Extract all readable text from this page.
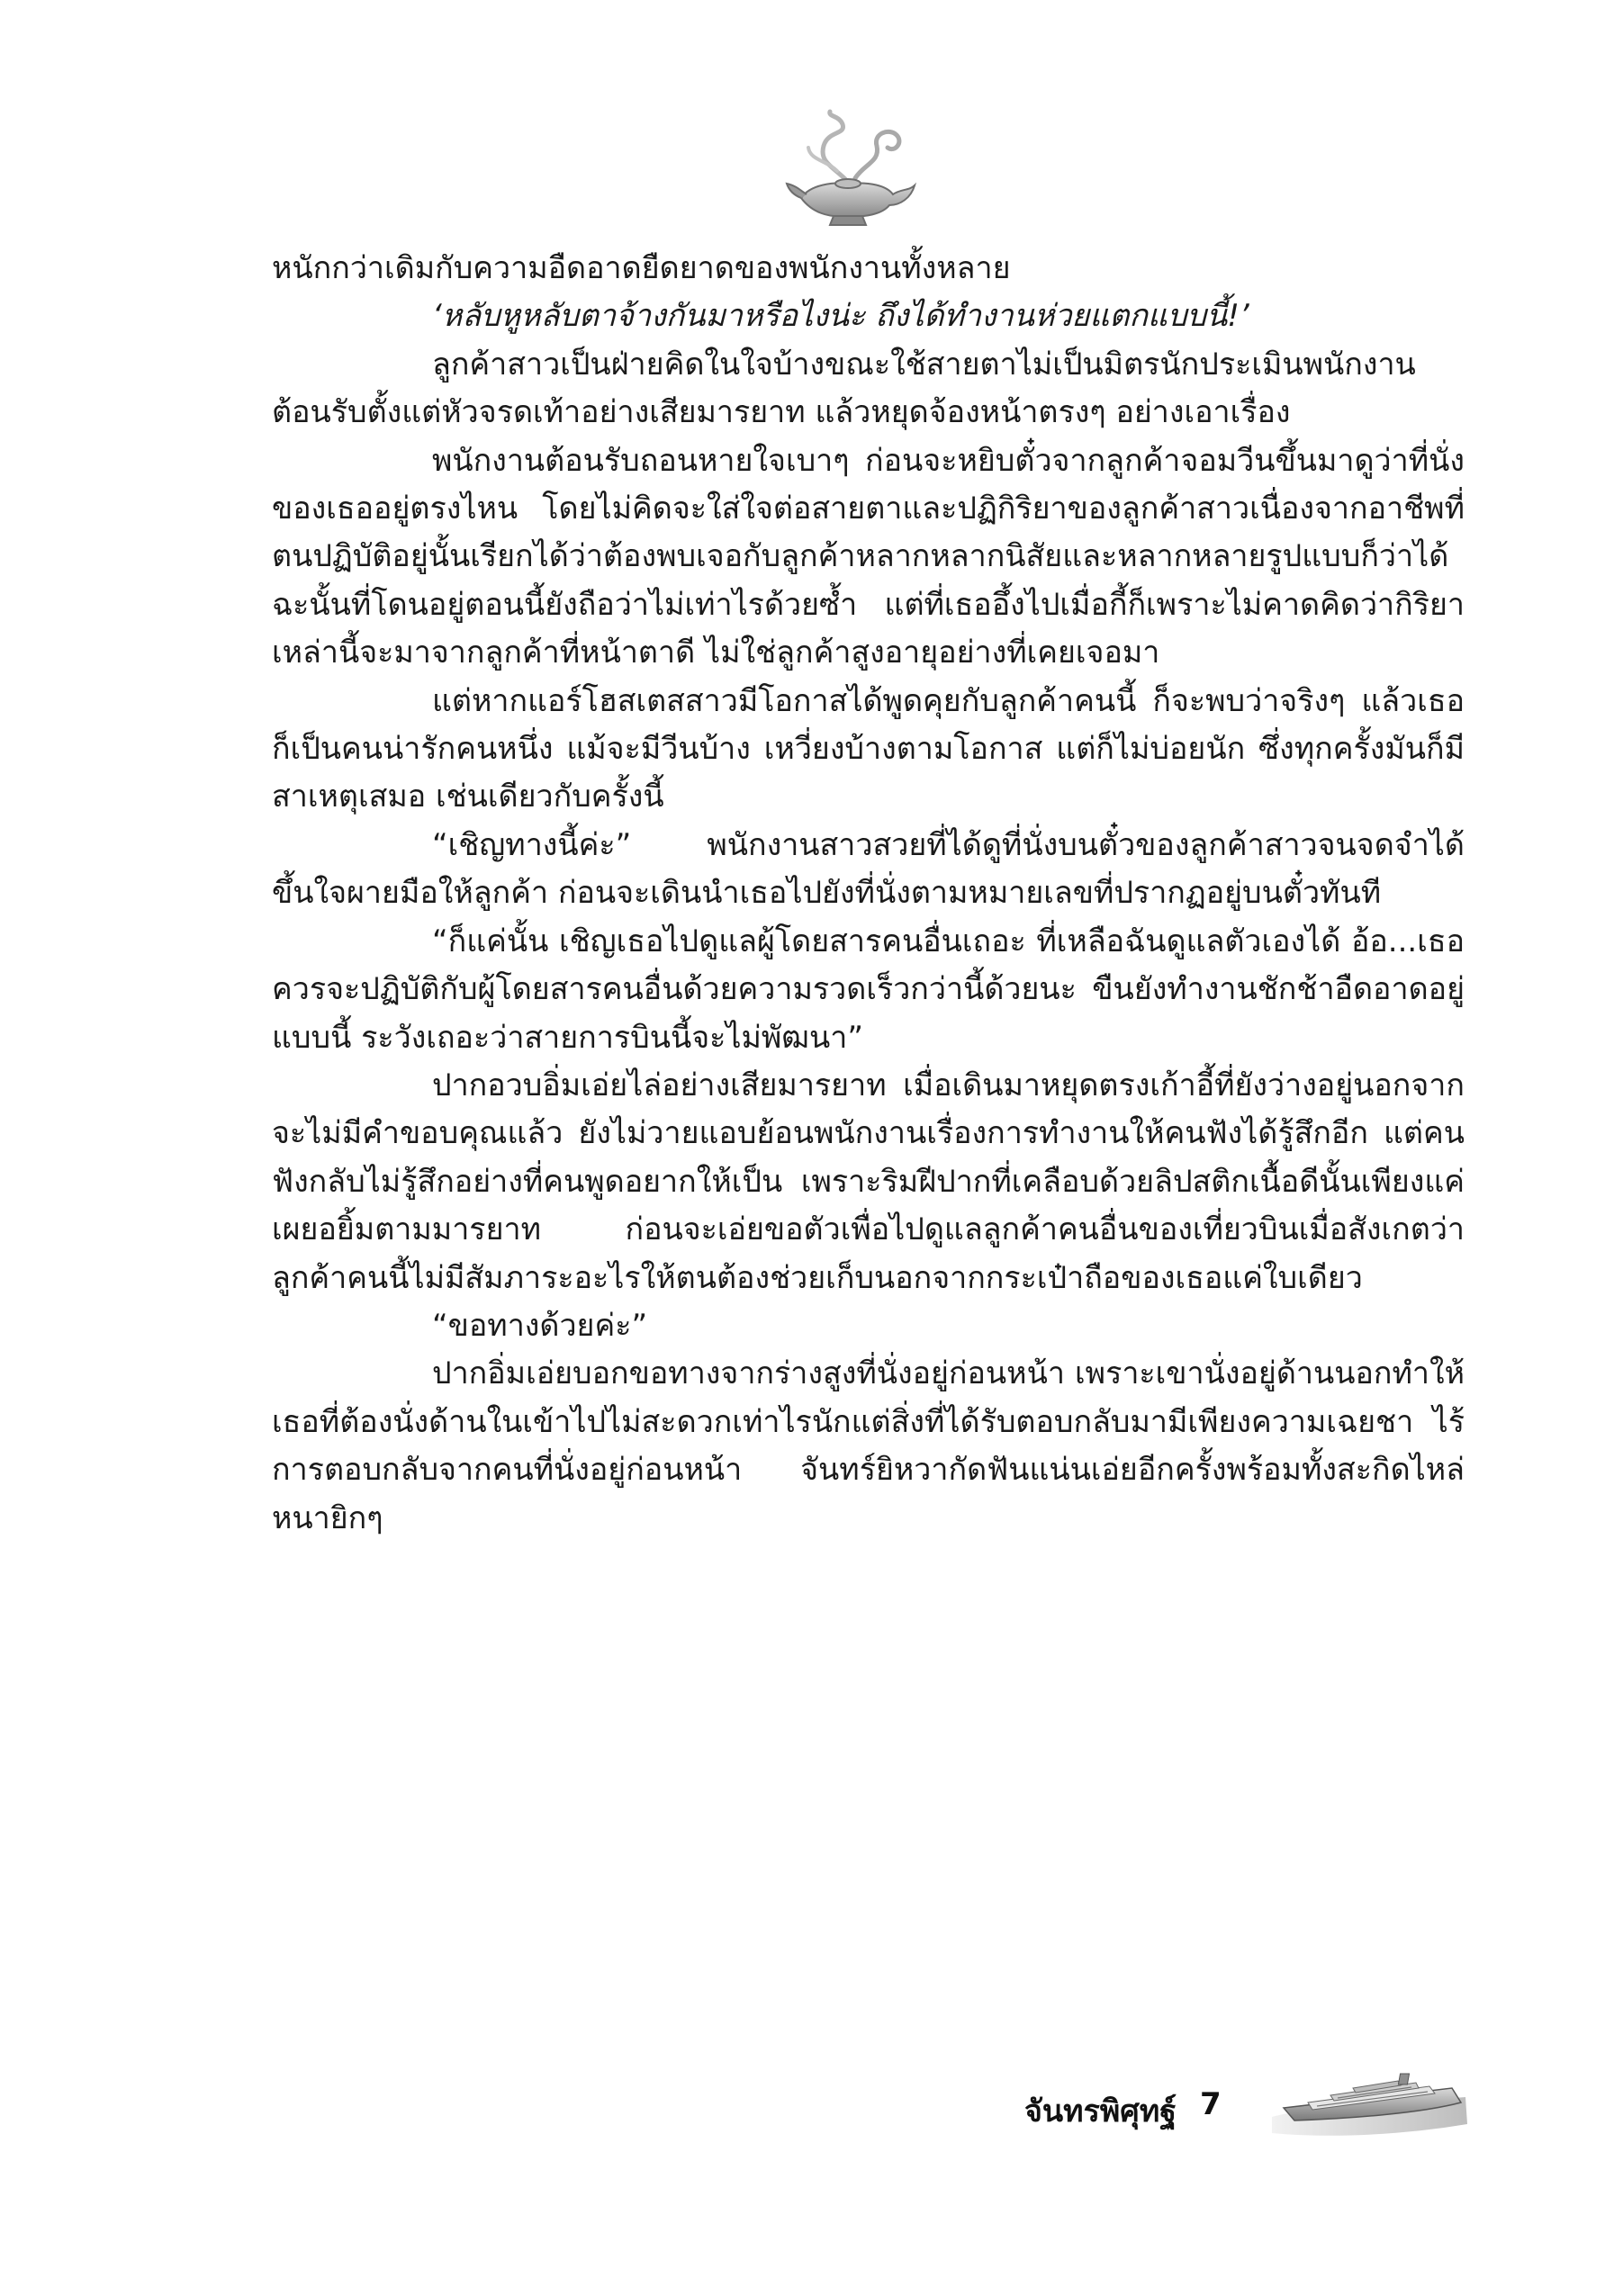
หนักกว่าเดิมกับความอืดอาดยืดยาดของพนักงานทั้งหลาย

‘หลับหูหลับตาจ้างกันมาหรือไงน่ะ ถึงได้ทำงานห่วยแตกแบบนี้!’

ลูกค้าสาวเป็นฝ่ายคิดในใจบ้างขณะใช้สายตาไม่เป็นมิตรนักประเมินพนักงานต้อนรับตั้งแต่หัวจรดเท้าอย่างเสียมารยาท แล้วหยุดจ้องหน้าตรงๆ อย่างเอาเรื่อง

พนักงานต้อนรับถอนหายใจเบาๆ ก่อนจะหยิบตั๋วจากลูกค้าจอมวีนขึ้นมาดูว่าที่นั่งของเธออยู่ตรงไหน โดยไม่คิดจะใส่ใจต่อสายตาและปฏิกิริยาของลูกค้าสาวเนื่องจากอาชีพที่ตนปฏิบัติอยู่นั้นเรียกได้ว่าต้องพบเจอกับลูกค้าหลากหลากนิสัยและหลากหลายรูปแบบก็ว่าได้ ฉะนั้นที่โดนอยู่ตอนนี้ยังถือว่าไม่เท่าไรด้วยซ้ำ แต่ที่เธออึ้งไปเมื่อกี้ก็เพราะไม่คาดคิดว่ากิริยาเหล่านี้จะมาจากลูกค้าที่หน้าตาดี ไม่ใช่ลูกค้าสูงอายุอย่างที่เคยเจอมา

แต่หากแอร์โฮสเตสสาวมีโอกาสได้พูดคุยกับลูกค้าคนนี้ ก็จะพบว่าจริงๆ แล้วเธอก็เป็นคนน่ารักคนหนึ่ง แม้จะมีวีนบ้าง เหวี่ยงบ้างตามโอกาส แต่ก็ไม่บ่อยนัก ซึ่งทุกครั้งมันก็มีสาเหตุเสมอ เช่นเดียวกับครั้งนี้

“เชิญทางนี้ค่ะ” พนักงานสาวสวยที่ได้ดูที่นั่งบนตั๋วของลูกค้าสาวจนจดจำได้ขึ้นใจผายมือให้ลูกค้า ก่อนจะเดินนำเธอไปยังที่นั่งตามหมายเลขที่ปรากฏอยู่บนตั๋วทันที

“ก็แค่นั้น เชิญเธอไปดูแลผู้โดยสารคนอื่นเถอะ ที่เหลือฉันดูแลตัวเองได้ อ้อ...เธอควรจะปฏิบัติกับผู้โดยสารคนอื่นด้วยความรวดเร็วกว่านี้ด้วยนะ ขืนยังทำงานชักช้าอืดอาดอยู่แบบนี้ ระวังเถอะว่าสายการบินนี้จะไม่พัฒนา”

ปากอวบอิ่มเอ่ยไล่อย่างเสียมารยาท เมื่อเดินมาหยุดตรงเก้าอี้ที่ยังว่างอยู่นอกจากจะไม่มีคำขอบคุณแล้ว ยังไม่วายแอบย้อนพนักงานเรื่องการทำงานให้คนฟังได้รู้สึกอีก แต่คนฟังกลับไม่รู้สึกอย่างที่คนพูดอยากให้เป็น เพราะริมฝีปากที่เคลือบด้วยลิปสติกเนื้อดีนั้นเพียงแค่เผยอยิ้มตามมารยาท ก่อนจะเอ่ยขอตัวเพื่อไปดูแลลูกค้าคนอื่นของเที่ยวบินเมื่อสังเกตว่าลูกค้าคนนี้ไม่มีสัมภาระอะไรให้ตนต้องช่วยเก็บนอกจากกระเป๋าถือของเธอแค่ใบเดียว

“ขอทางด้วยค่ะ”

ปากอิ่มเอ่ยบอกขอทางจากร่างสูงที่นั่งอยู่ก่อนหน้า เพราะเขานั่งอยู่ด้านนอกทำให้เธอที่ต้องนั่งด้านในเข้าไปไม่สะดวกเท่าไรนักแต่สิ่งที่ได้รับตอบกลับมามีเพียงความเฉยชา ไร้การตอบกลับจากคนที่นั่งอยู่ก่อนหน้า จันทร์ยิหวากัดฟันแน่นเอ่ยอีกครั้งพร้อมทั้งสะกิดไหล่หนายิกๆ

จันทรพิศุทฐ์ 7
